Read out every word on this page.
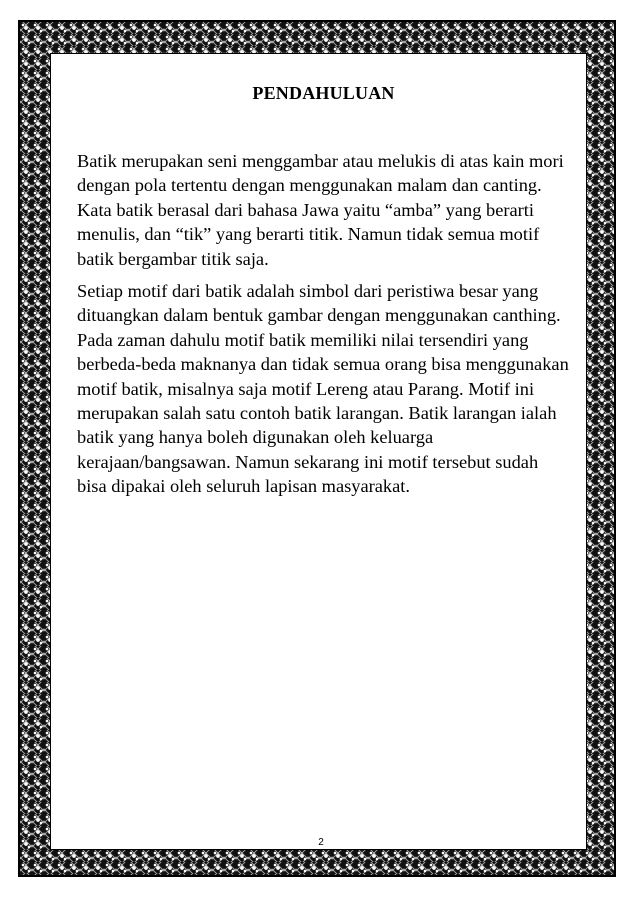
PENDAHULUAN

Batik merupakan seni menggambar atau melukis di atas kain mori dengan pola tertentu dengan menggunakan malam dan canting. Kata batik berasal dari bahasa Jawa yaitu “amba” yang berarti menulis, dan “tik” yang berarti titik. Namun tidak semua motif batik bergambar titik saja.

Setiap motif dari batik adalah simbol dari peristiwa besar yang dituangkan dalam bentuk gambar dengan menggunakan canthing. Pada zaman dahulu motif batik memiliki nilai tersendiri yang berbeda-beda maknanya dan tidak semua orang bisa menggunakan motif batik, misalnya saja motif Lereng atau Parang. Motif ini merupakan salah satu contoh batik larangan. Batik larangan ialah batik yang hanya boleh digunakan oleh keluarga kerajaan/bangsawan. Namun sekarang ini motif tersebut sudah bisa dipakai oleh seluruh lapisan masyarakat.

2
